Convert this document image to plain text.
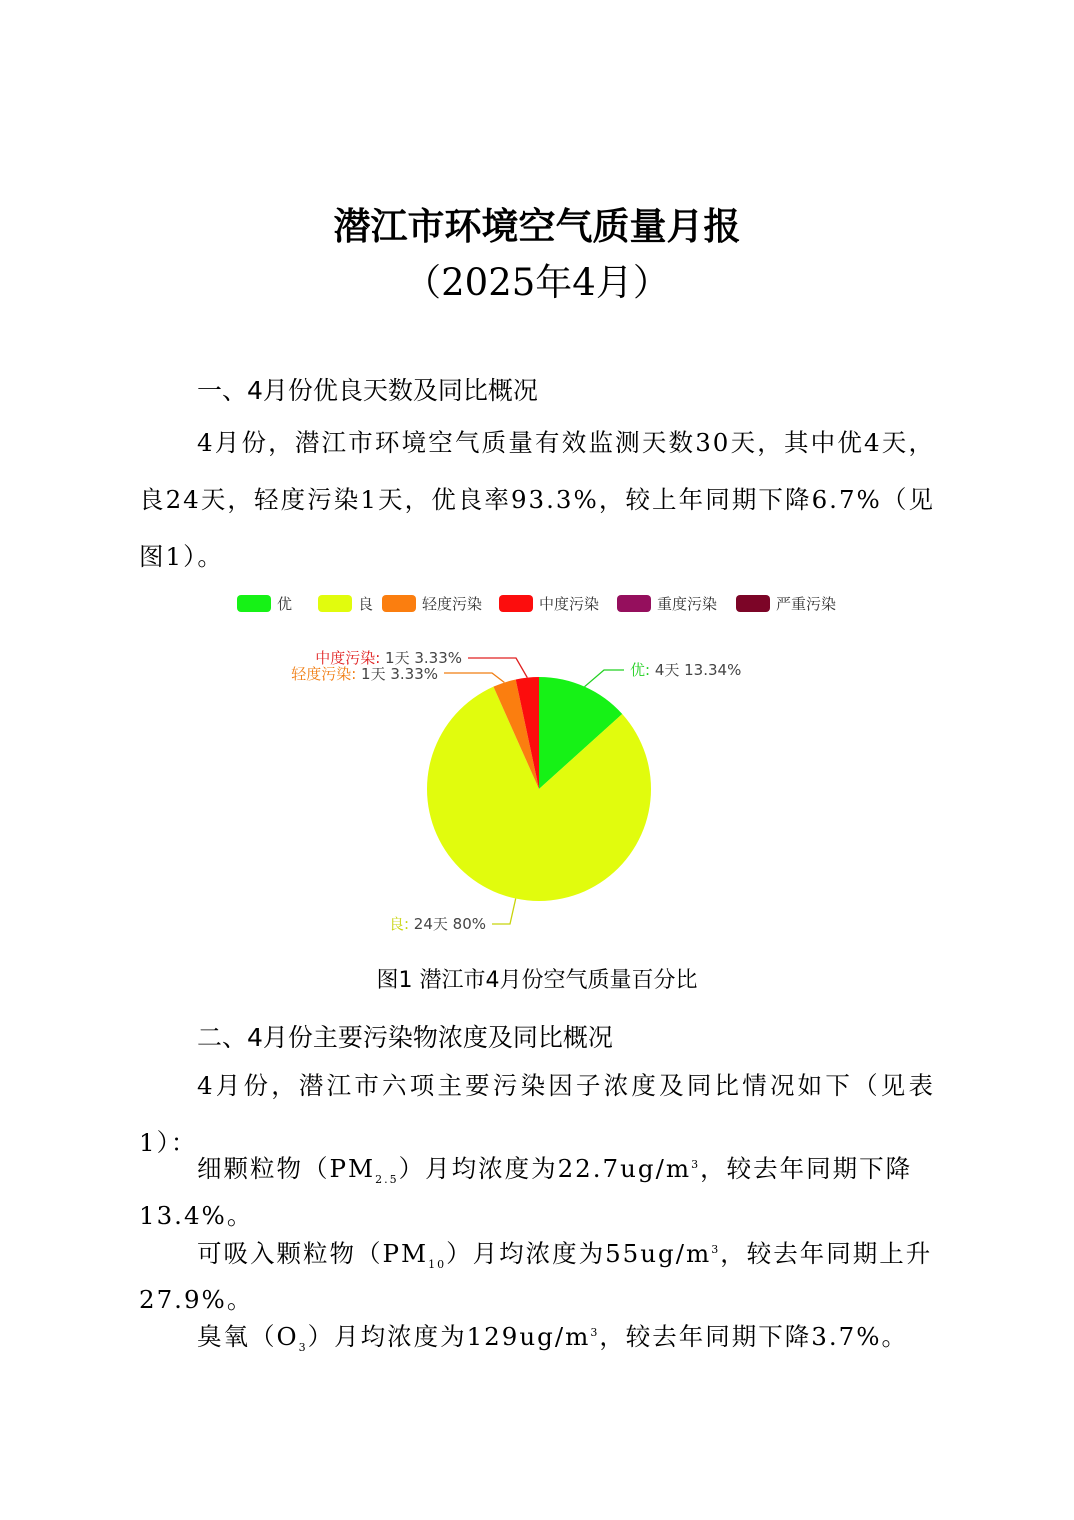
潜江市环境空气质量月报
（2025年4月）
一、4月份优良天数及同比概况
4月份，潜江市环境空气质量有效监测天数30天，其中优4天，良24天，轻度污染1天，优良率93.3%，较上年同期下降6.7%（见图1）。
优	良	轻度污染	中度污染	重度污染	严重污染
优: 4天 13.34%
良: 24天 80%
轻度污染: 1天 3.33%
中度污染: 1天 3.33%
图1 潜江市4月份空气质量百分比
二、4月份主要污染物浓度及同比概况
4月份，潜江市六项主要污染因子浓度及同比情况如下（见表1）：
细颗粒物$(PM_{2.5})$月均浓度为$22.7ug/m^3$，较去年同期下降
13.4%。
可吸入颗粒物$(PM_{10})$月均浓度为$55ug/m^3$，较去年同期上升
27.9%。
臭氧$(O_3)$月均浓度为$129ug/m^3$，较去年同期下降3.7%。
